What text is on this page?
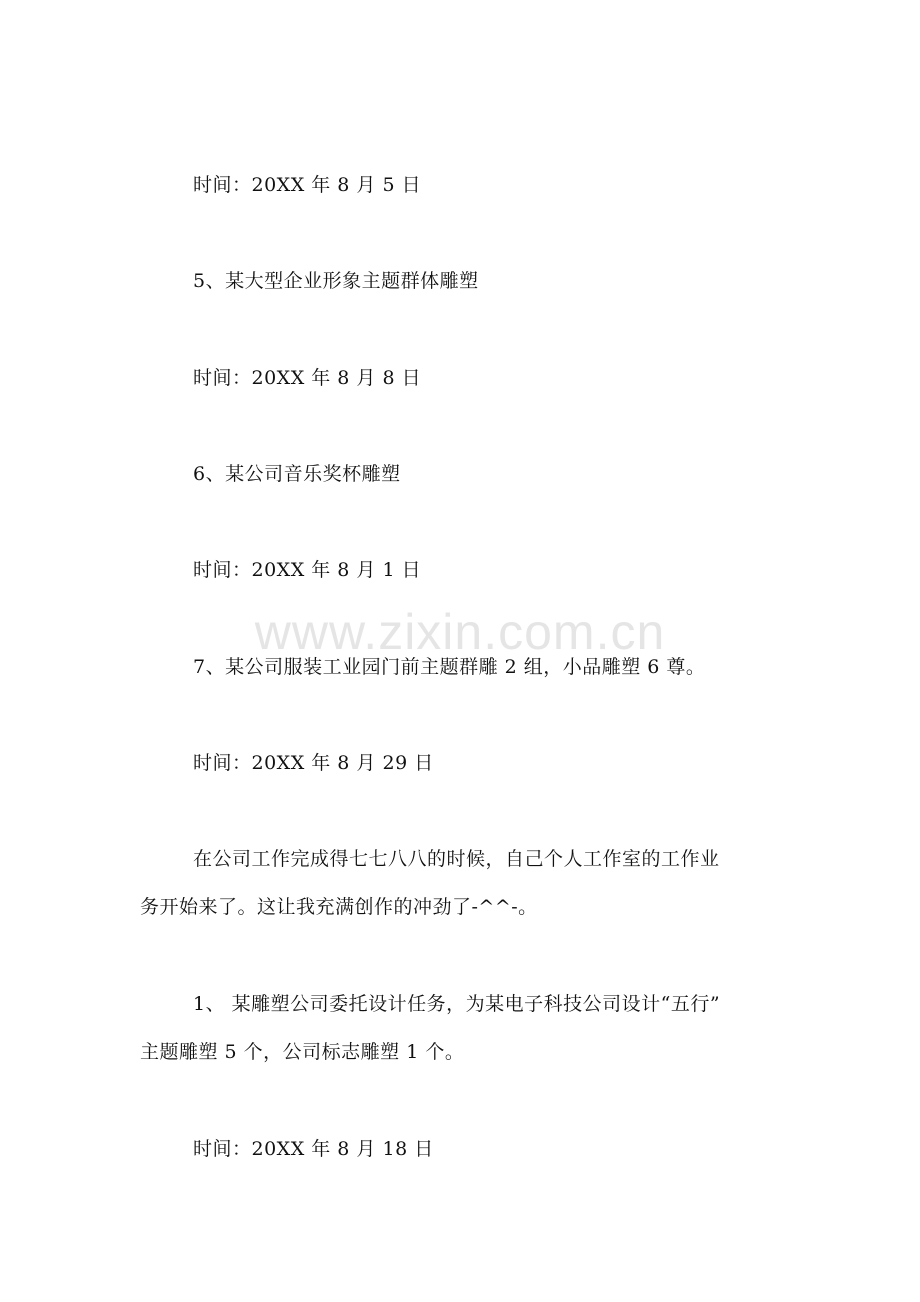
时间：20XX 年 8 月 5 日
5、某大型企业形象主题群体雕塑
时间：20XX 年 8 月 8 日
6、某公司音乐奖杯雕塑
时间：20XX 年 8 月 1 日
7、某公司服装工业园门前主题群雕 2 组，小品雕塑 6 尊。
时间：20XX 年 8 月 29 日
在公司工作完成得七七八八的时候，自己个人工作室的工作业
务开始来了。这让我充满创作的冲劲了-^^-。
1、 某雕塑公司委托设计任务，为某电子科技公司设计“五行”
主题雕塑 5 个，公司标志雕塑 1 个。
时间：20XX 年 8 月 18 日
www.zixin.com.cn
